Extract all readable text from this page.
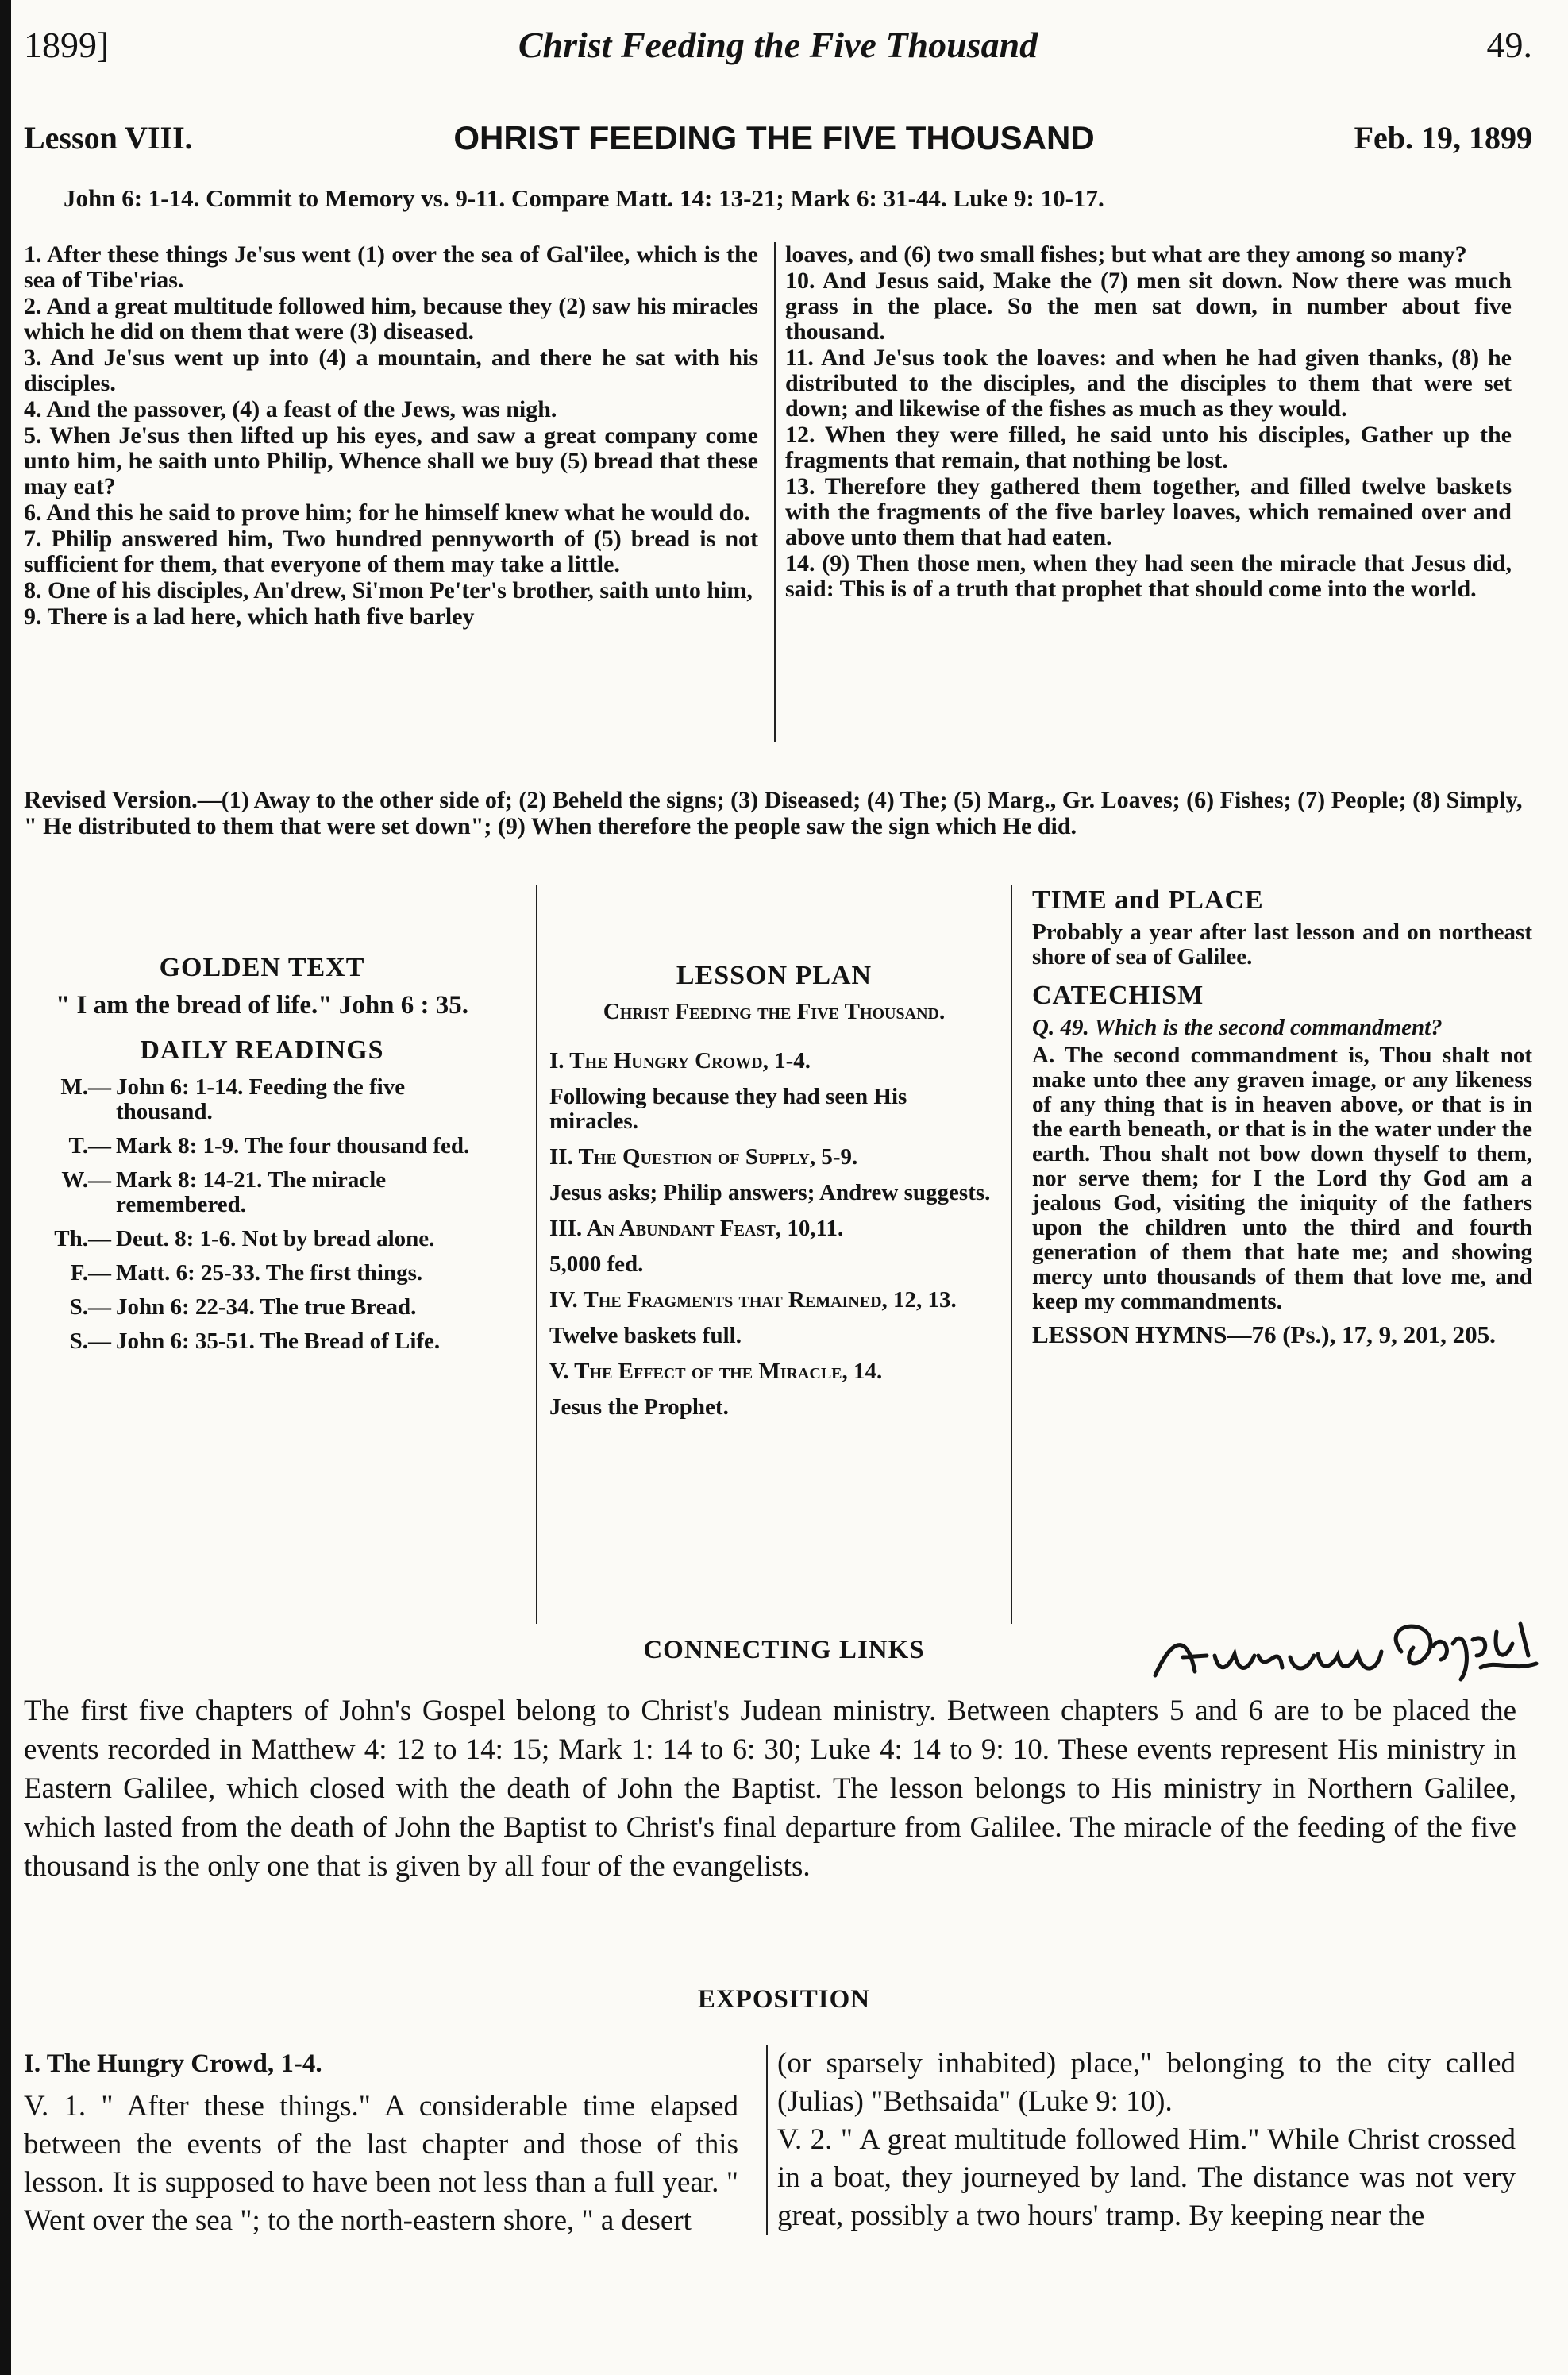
1899]	Christ Feeding the Five Thousand	49.
Lesson VIII.	OHRIST FEEDING THE FIVE THOUSAND	Feb. 19, 1899
John 6: 1-14. Commit to Memory vs. 9-11. Compare Matt. 14: 13-21; Mark 6: 31-44. Luke 9: 10-17.

1. After these things Je'sus went (1) over the sea of Gal'ilee, which is the sea of Tibe'rias.

2. And a great multitude followed him, because they (2) saw his miracles which he did on them that were (3) diseased.

3. And Je'sus went up into (4) a mountain, and there he sat with his disciples.

4. And the passover, (4) a feast of the Jews, was nigh.

5. When Je'sus then lifted up his eyes, and saw a great company come unto him, he saith unto Philip, Whence shall we buy (5) bread that these may eat?

6. And this he said to prove him; for he himself knew what he would do.

7. Philip answered him, Two hundred pennyworth of (5) bread is not sufficient for them, that everyone of them may take a little.

8. One of his disciples, An'drew, Si'mon Pe'ter's brother, saith unto him,

9. There is a lad here, which hath five barley

loaves, and (6) two small fishes; but what are they among so many?

10. And Jesus said, Make the (7) men sit down. Now there was much grass in the place. So the men sat down, in number about five thousand.

11. And Je'sus took the loaves: and when he had given thanks, (8) he distributed to the disciples, and the disciples to them that were set down; and likewise of the fishes as much as they would.

12. When they were filled, he said unto his disciples, Gather up the fragments that remain, that nothing be lost.

13. Therefore they gathered them together, and filled twelve baskets with the fragments of the five barley loaves, which remained over and above unto them that had eaten.

14. (9) Then those men, when they had seen the miracle that Jesus did, said: This is of a truth that prophet that should come into the world.

Revised Version.—(1) Away to the other side of; (2) Beheld the signs; (3) Diseased; (4) The; (5) Marg., Gr. Loaves; (6) Fishes; (7) People; (8) Simply, " He distributed to them that were set down"; (9) When therefore the people saw the sign which He did.
GOLDEN TEXT
" I am the bread of life." John 6 : 35.
DAILY READINGS
M.— John 6: 1-14. Feeding the five thousand.
T.— Mark 8: 1-9. The four thousand fed.
W.— Mark 8: 14-21. The miracle remembered.
Th.— Deut. 8: 1-6. Not by bread alone.
F.— Matt. 6: 25-33. The first things.
S.— John 6: 22-34. The true Bread.
S.— John 6: 35-51. The Bread of Life.
LESSON PLAN
Christ Feeding the Five Thousand.

I. The Hungry Crowd, 1-4.

Following because they had seen His miracles.

II. The Question of Supply, 5-9.

Jesus asks; Philip answers; Andrew suggests.

III. An Abundant Feast, 10,11.

5,000 fed.

IV. The Fragments that Remained, 12, 13.

Twelve baskets full.

V. The Effect of the Miracle, 14.

Jesus the Prophet.

TIME and PLACE
Probably a year after last lesson and on northeast shore of sea of Galilee.
CATECHISM
Q. 49. Which is the second commandment?
A. The second commandment is, Thou shalt not make unto thee any graven image, or any likeness of any thing that is in heaven above, or that is in the earth beneath, or that is in the water under the earth. Thou shalt not bow down thyself to them, nor serve them; for I the Lord thy God am a jealous God, visiting the iniquity of the fathers upon the children unto the third and fourth generation of them that hate me; and showing mercy unto thousands of them that love me, and keep my commandments.
LESSON HYMNS—76 (Ps.), 17, 9, 201, 205.
CONNECTING LINKS
The first five chapters of John's Gospel belong to Christ's Judean ministry. Between chapters 5 and 6 are to be placed the events recorded in Matthew 4: 12 to 14: 15; Mark 1: 14 to 6: 30; Luke 4: 14 to 9: 10. These events represent His ministry in Eastern Galilee, which closed with the death of John the Baptist. The lesson belongs to His ministry in Northern Galilee, which lasted from the death of John the Baptist to Christ's final departure from Galilee. The miracle of the feeding of the five thousand is the only one that is given by all four of the evangelists.
EXPOSITION

I. The Hungry Crowd, 1-4.

V. 1. " After these things." A considerable time elapsed between the events of the last chapter and those of this lesson. It is supposed to have been not less than a full year. " Went over the sea "; to the north-eastern shore, " a desert

(or sparsely inhabited) place," belonging to the city called (Julias) "Bethsaida" (Luke 9: 10).

V. 2. " A great multitude followed Him." While Christ crossed in a boat, they journeyed by land. The distance was not very great, possibly a two hours' tramp. By keeping near the
